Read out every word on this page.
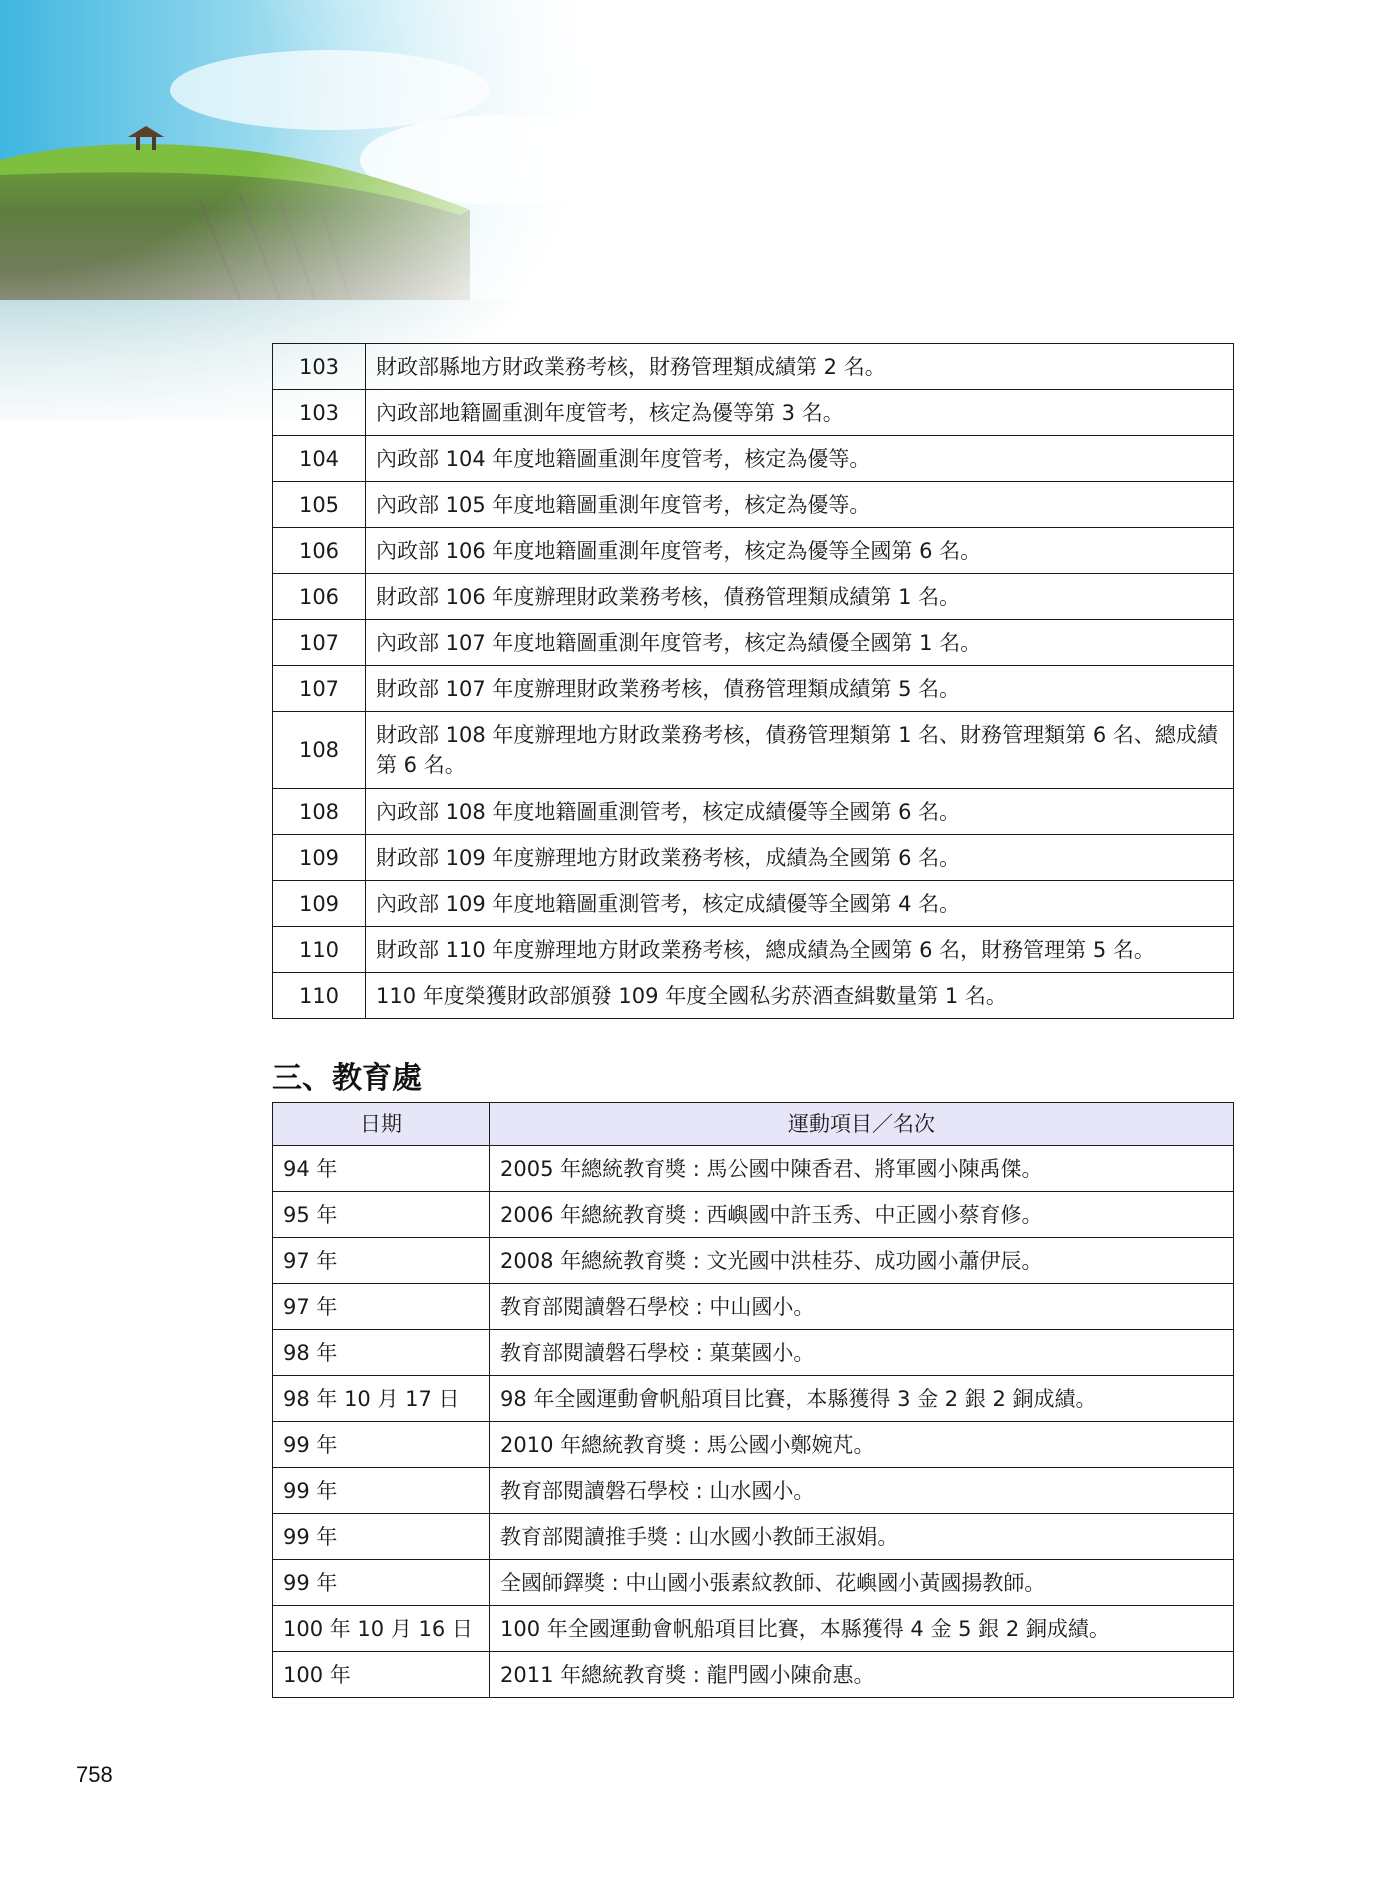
103	財政部縣地方財政業務考核，財務管理類成績第 2 名。
103	內政部地籍圖重測年度管考，核定為優等第 3 名。
104	內政部 104 年度地籍圖重測年度管考，核定為優等。
105	內政部 105 年度地籍圖重測年度管考，核定為優等。
106	內政部 106 年度地籍圖重測年度管考，核定為優等全國第 6 名。
106	財政部 106 年度辦理財政業務考核，債務管理類成績第 1 名。
107	內政部 107 年度地籍圖重測年度管考，核定為績優全國第 1 名。
107	財政部 107 年度辦理財政業務考核，債務管理類成績第 5 名。
108	財政部 108 年度辦理地方財政業務考核，債務管理類第 1 名、財務管理類第 6 名、總成績第 6 名。
108	內政部 108 年度地籍圖重測管考，核定成績優等全國第 6 名。
109	財政部 109 年度辦理地方財政業務考核，成績為全國第 6 名。
109	內政部 109 年度地籍圖重測管考，核定成績優等全國第 4 名。
110	財政部 110 年度辦理地方財政業務考核，總成績為全國第 6 名，財務管理第 5 名。
110	110 年度榮獲財政部頒發 109 年度全國私劣菸酒查緝數量第 1 名。
三、教育處
日期	運動項目／名次
94 年	2005 年總統教育獎 : 馬公國中陳香君、將軍國小陳禹傑。
95 年	2006 年總統教育獎 : 西嶼國中許玉秀、中正國小蔡育修。
97 年	2008 年總統教育獎 : 文光國中洪桂芬、成功國小蕭伊辰。
97 年	教育部閱讀磐石學校 : 中山國小。
98 年	教育部閱讀磐石學校 : 菓葉國小。
98 年 10 月 17 日	98 年全國運動會帆船項目比賽，本縣獲得 3 金 2 銀 2 銅成績。
99 年	2010 年總統教育獎 : 馬公國小鄭婉芃。
99 年	教育部閱讀磐石學校 : 山水國小。
99 年	教育部閱讀推手獎 : 山水國小教師王淑娟。
99 年	全國師鐸獎 : 中山國小張素紋教師、花嶼國小黃國揚教師。
100 年 10 月 16 日	100 年全國運動會帆船項目比賽，本縣獲得 4 金 5 銀 2 銅成績。
100 年	2011 年總統教育獎 : 龍門國小陳俞惠。
758
